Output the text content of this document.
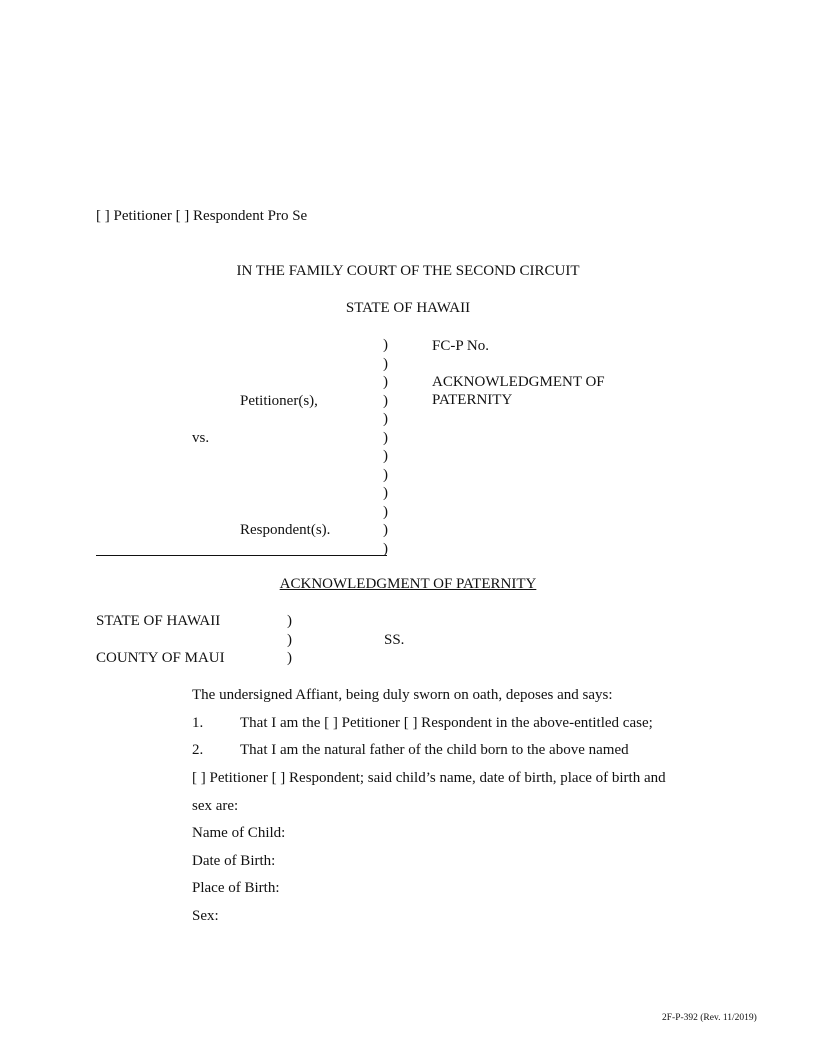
[ ] Petitioner [ ] Respondent Pro Se
IN THE FAMILY COURT OF THE SECOND CIRCUIT
STATE OF HAWAII
)
)
)
)
)
)
)
)
)
)
)
)
Petitioner(s),
vs.
Respondent(s).
FC-P No.
ACKNOWLEDGMENT OF
PATERNITY
ACKNOWLEDGMENT OF PATERNITY
STATE OF HAWAII
COUNTY OF MAUI
)
)
)
SS.
The undersigned Affiant, being duly sworn on oath, deposes and says:
1. That I am the [ ] Petitioner [ ] Respondent in the above-entitled case;
2. That I am the natural father of the child born to the above named
[ ] Petitioner [ ] Respondent; said child’s name, date of birth, place of birth and
sex are:
Name of Child:
Date of Birth:
Place of Birth:
Sex:
2F-P-392 (Rev. 11/2019)
